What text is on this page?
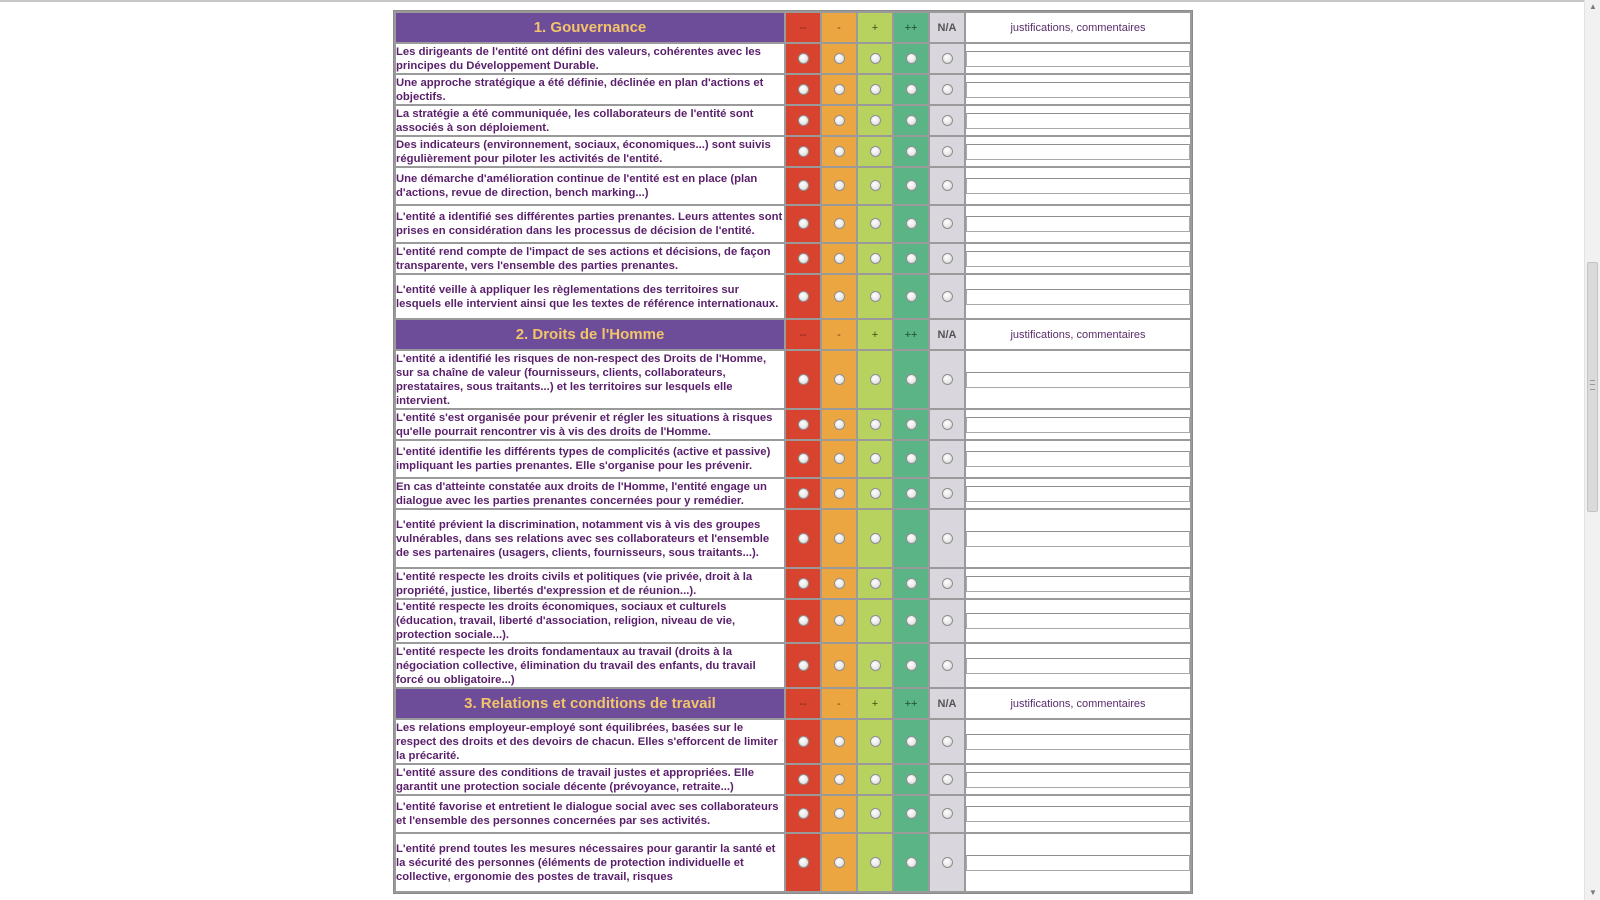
1. Gouvernance	--	-	+	++	N/A	justifications, commentaires
Les dirigeants de l'entité ont défini des valeurs, cohérentes avec les principes du Développement Durable.						

Une approche stratégique a été définie, déclinée en plan d'actions et objectifs.						

La stratégie a été communiquée, les collaborateurs de l'entité sont associés à son déploiement.						

Des indicateurs (environnement, sociaux, économiques...) sont suivis régulièrement pour piloter les activités de l'entité.						

Une démarche d'amélioration continue de l'entité est en place (plan d'actions, revue de direction, bench marking...)						

L'entité a identifié ses différentes parties prenantes. Leurs attentes sont prises en considération dans les processus de décision de l'entité.						

L'entité rend compte de l'impact de ses actions et décisions, de façon transparente, vers l'ensemble des parties prenantes.						

L'entité veille à appliquer les règlementations des territoires sur lesquels elle intervient ainsi que les textes de référence internationaux.						

2. Droits de l'Homme	--	-	+	++	N/A	justifications, commentaires
L'entité a identifié les risques de non-respect des Droits de l'Homme, sur sa chaîne de valeur (fournisseurs, clients, collaborateurs, prestataires, sous traitants...) et les territoires sur lesquels elle intervient.						

L'entité s'est organisée pour prévenir et régler les situations à risques qu'elle pourrait rencontrer vis à vis des droits de l'Homme.						

L'entité identifie les différents types de complicités (active et passive) impliquant les parties prenantes. Elle s'organise pour les prévenir.						

En cas d'atteinte constatée aux droits de l'Homme, l'entité engage un dialogue avec les parties prenantes concernées pour y remédier.						

L'entité prévient la discrimination, notamment vis à vis des groupes vulnérables, dans ses relations avec ses collaborateurs et l'ensemble de ses partenaires (usagers, clients, fournisseurs, sous traitants...).						

L'entité respecte les droits civils et politiques (vie privée, droit à la propriété, justice, libertés d'expression et de réunion...).						

L'entité respecte les droits économiques, sociaux et culturels (éducation, travail, liberté d'association, religion, niveau de vie, protection sociale...).						

L'entité respecte les droits fondamentaux au travail (droits à la négociation collective, élimination du travail des enfants, du travail forcé ou obligatoire...)						

3. Relations et conditions de travail	--	-	+	++	N/A	justifications, commentaires
Les relations employeur-employé sont équilibrées, basées sur le respect des droits et des devoirs de chacun. Elles s'efforcent de limiter la précarité.						

L'entité assure des conditions de travail justes et appropriées. Elle garantit une protection sociale décente (prévoyance, retraite...)						

L'entité favorise et entretient le dialogue social avec ses collaborateurs et l'ensemble des personnes concernées par ses activités.						

L'entité prend toutes les mesures nécessaires pour garantir la santé et la sécurité des personnes (éléments de protection individuelle et collective, ergonomie des postes de travail, risques						
▲
▼
